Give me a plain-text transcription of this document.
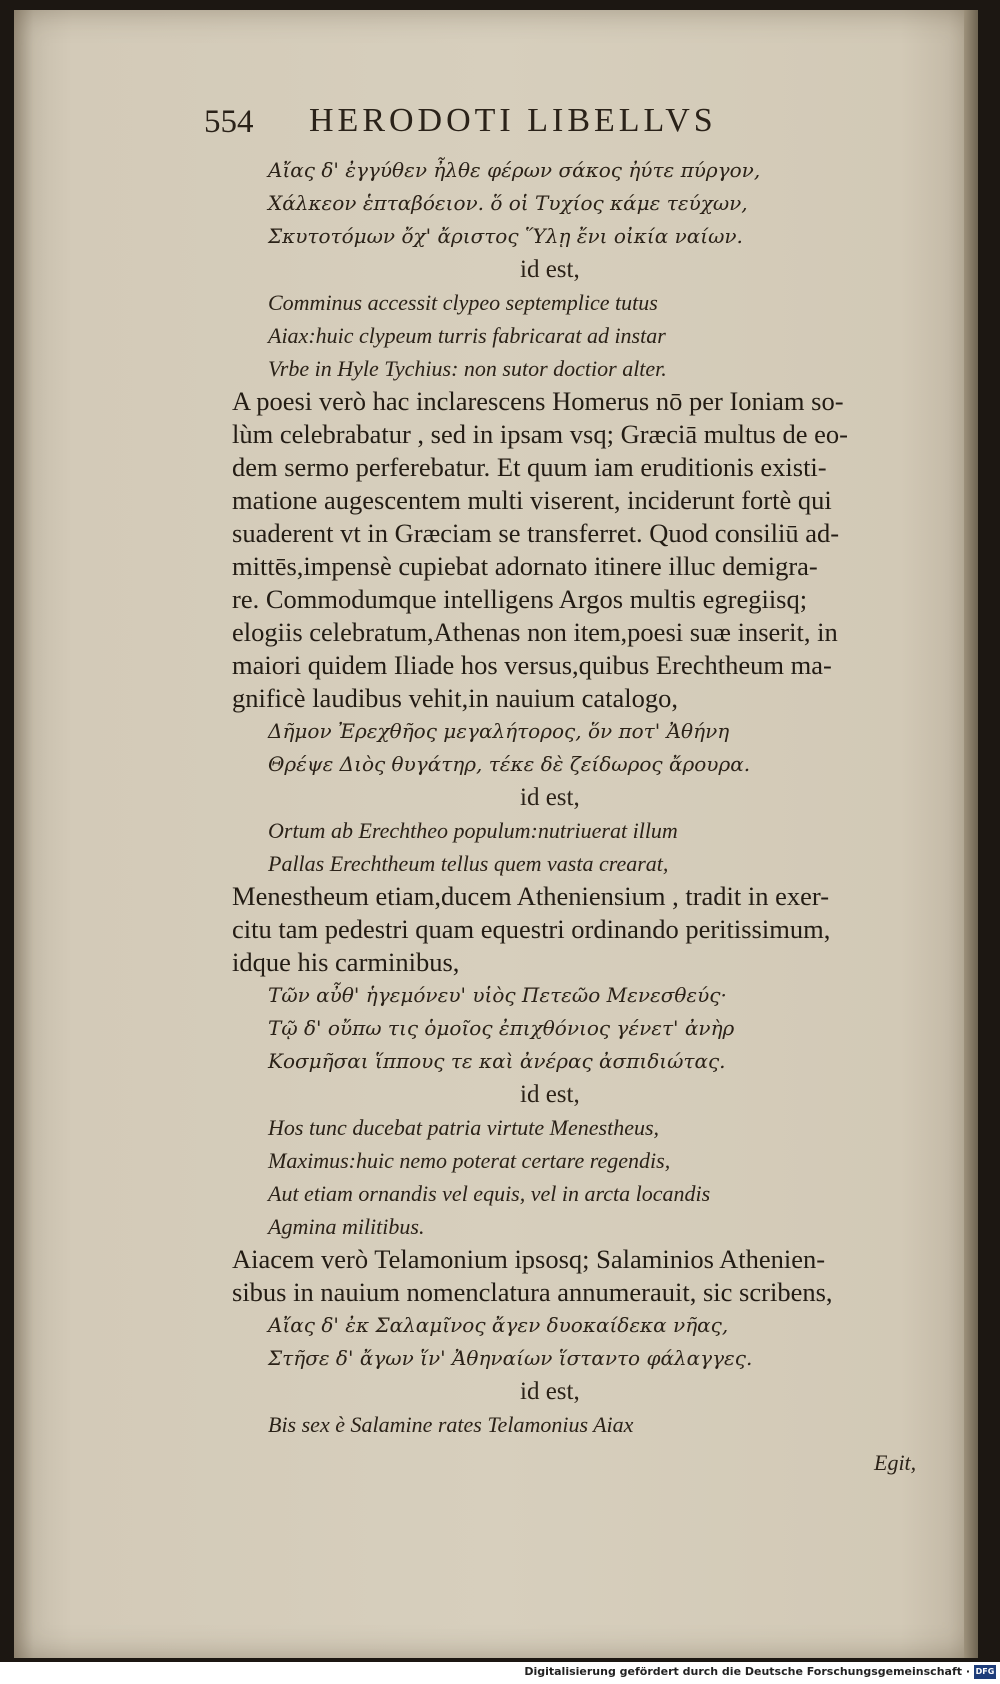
554 HERODOTI LIBELLVS
Αἴας δ' ἐγγύθεν ἦλθε φέρων σάκος ἠύτε πύργον,
Χάλκεον ἑπταβόειον. ὅ οἱ Τυχίος κάμε τεύχων,
Σκυτοτόμων ὄχ' ἄριστος Ὕλῃ ἔνι οἰκία ναίων.
id est,
Comminus accessit clypeo septemplice tutus
Aiax:huic clypeum turris fabricarat ad instar
Vrbe in Hyle Tychius: non sutor doctior alter.
A poesi verò hac inclarescens Homerus nō per Ioniam so-
lùm celebrabatur , sed in ipsam vsq; Græciā multus de eo-
dem sermo perferebatur. Et quum iam eruditionis existi-
matione augescentem multi viserent, inciderunt fortè qui
suaderent vt in Græciam se transferret. Quod consiliū ad-
mittēs,impensè cupiebat adornato itinere illuc demigra-
re. Commodumque intelligens Argos multis egregiisq;
elogiis celebratum,Athenas non item,poesi suæ inserit, in
maiori quidem Iliade hos versus,quibus Erechtheum ma-
gnificè laudibus vehit,in nauium catalogo,
Δῆμον Ἐρεχθῆος μεγαλήτορος, ὅν ποτ' Ἀθήνη
Θρέψε Διὸς θυγάτηρ, τέκε δὲ ζείδωρος ἄρουρα.
id est,
Ortum ab Erechtheo populum:nutriuerat illum
Pallas Erechtheum tellus quem vasta crearat,
Menestheum etiam,ducem Atheniensium , tradit in exer-
citu tam pedestri quam equestri ordinando peritissimum,
idque his carminibus,
Τῶν αὖθ' ἡγεμόνευ' υἱὸς Πετεῶο Μενεσθεύς·
Τῷ δ' οὔπω τις ὁμοῖος ἐπιχθόνιος γένετ' ἀνὴρ
Κοσμῆσαι ἵππους τε καὶ ἀνέρας ἀσπιδιώτας.
id est,
Hos tunc ducebat patria virtute Menestheus,
Maximus:huic nemo poterat certare regendis,
Aut etiam ornandis vel equis, vel in arcta locandis
Agmina militibus.
Aiacem verò Telamonium ipsosq; Salaminios Athenien-
sibus in nauium nomenclatura annumerauit, sic scribens,
Αἴας δ' ἐκ Σαλαμῖνος ἄγεν δυοκαίδεκα νῆας,
Στῆσε δ' ἄγων ἵν' Ἀθηναίων ἵσταντο φάλαγγες.
id est,
Bis sex è Salamine rates Telamonius Aiax
Egit,
Digitalisierung gefördert durch die Deutsche Forschungsgemeinschaft · DFG
